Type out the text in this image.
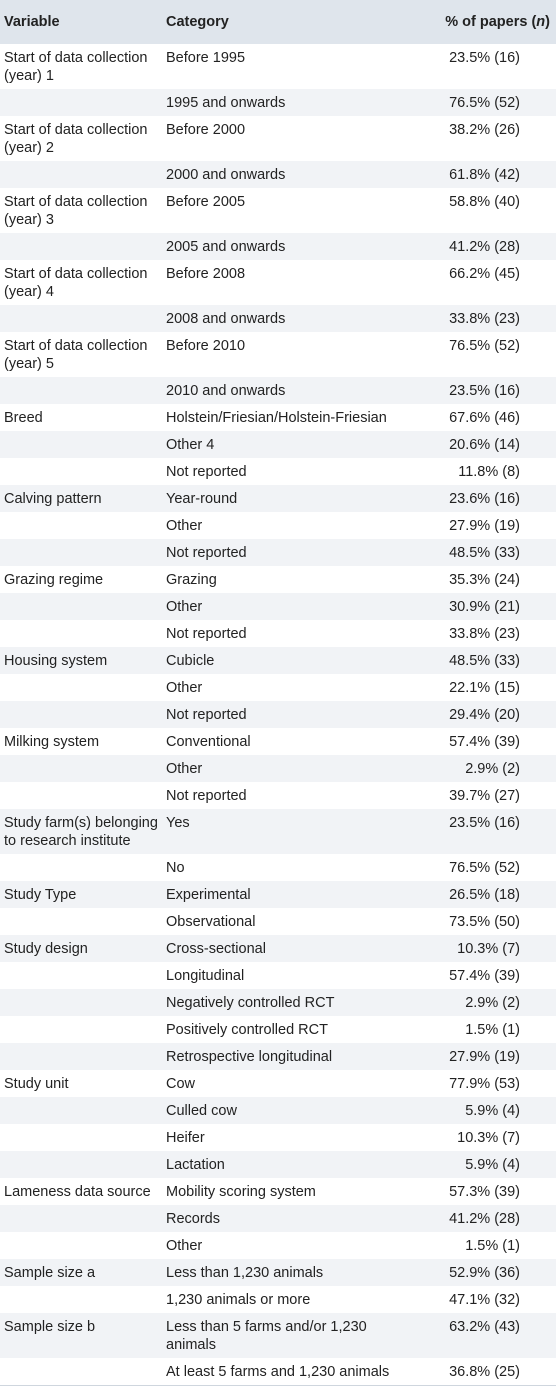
Variable	Category	% of papers (n)
Start of data collection (year) 1	Before 1995	23.5% (16)
	1995 and onwards	76.5% (52)
Start of data collection (year) 2	Before 2000	38.2% (26)
	2000 and onwards	61.8% (42)
Start of data collection (year) 3	Before 2005	58.8% (40)
	2005 and onwards	41.2% (28)
Start of data collection (year) 4	Before 2008	66.2% (45)
	2008 and onwards	33.8% (23)
Start of data collection (year) 5	Before 2010	76.5% (52)
	2010 and onwards	23.5% (16)
Breed	Holstein/Friesian/Holstein-Friesian	67.6% (46)
	Other 4	20.6% (14)
	Not reported	11.8% (8)
Calving pattern	Year-round	23.6% (16)
	Other	27.9% (19)
	Not reported	48.5% (33)
Grazing regime	Grazing	35.3% (24)
	Other	30.9% (21)
	Not reported	33.8% (23)
Housing system	Cubicle	48.5% (33)
	Other	22.1% (15)
	Not reported	29.4% (20)
Milking system	Conventional	57.4% (39)
	Other	2.9% (2)
	Not reported	39.7% (27)
Study farm(s) belonging to research institute	Yes	23.5% (16)
	No	76.5% (52)
Study Type	Experimental	26.5% (18)
	Observational	73.5% (50)
Study design	Cross-sectional	10.3% (7)
	Longitudinal	57.4% (39)
	Negatively controlled RCT	2.9% (2)
	Positively controlled RCT	1.5% (1)
	Retrospective longitudinal	27.9% (19)
Study unit	Cow	77.9% (53)
	Culled cow	5.9% (4)
	Heifer	10.3% (7)
	Lactation	5.9% (4)
Lameness data source	Mobility scoring system	57.3% (39)
	Records	41.2% (28)
	Other	1.5% (1)
Sample size a	Less than 1,230 animals	52.9% (36)
	1,230 animals or more	47.1% (32)
Sample size b	Less than 5 farms and/or 1,230 animals	63.2% (43)
	At least 5 farms and 1,230 animals	36.8% (25)
